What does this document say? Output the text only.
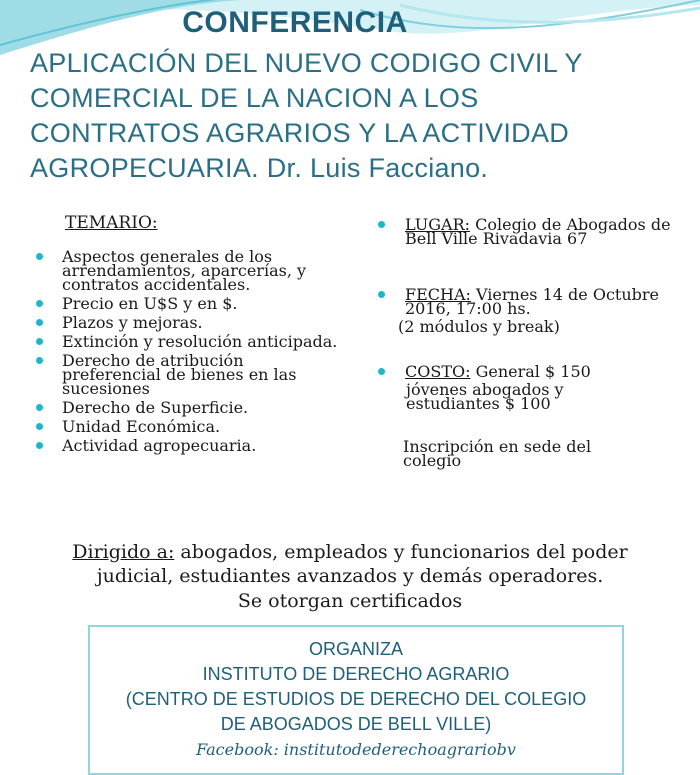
CONFERENCIA
APLICACIÓN DEL NUEVO CODIGO CIVIL Y
COMERCIAL DE LA NACION A LOS
CONTRATOS AGRARIOS Y LA ACTIVIDAD
AGROPECUARIA. Dr. Luis Facciano.
TEMARIO:
Aspectos generales de los arrendamientos, aparcerías, y contratos accidentales.
Precio en U$S y en $.
Plazos y mejoras.
Extinción y resolución anticipada.
Derecho de atribución preferencial de bienes en las sucesiones
Derecho de Superficie.
Unidad Económica.
Actividad agropecuaria.
LUGAR: Colegio de Abogados de Bell Ville Rivadavia 67
FECHA: Viernes 14 de Octubre 2016, 17:00 hs.
(2 módulos y break)
COSTO: General $ 150
jóvenes abogados y estudiantes $ 100
Inscripción en sede del colegio
Dirigido a: abogados, empleados y funcionarios del poder
judicial, estudiantes avanzados y demás operadores.
Se otorgan certificados
ORGANIZA
INSTITUTO DE DERECHO AGRARIO
(CENTRO DE ESTUDIOS DE DERECHO DEL COLEGIO
DE ABOGADOS DE BELL VILLE)
Facebook: institutodederechoagrariobv
